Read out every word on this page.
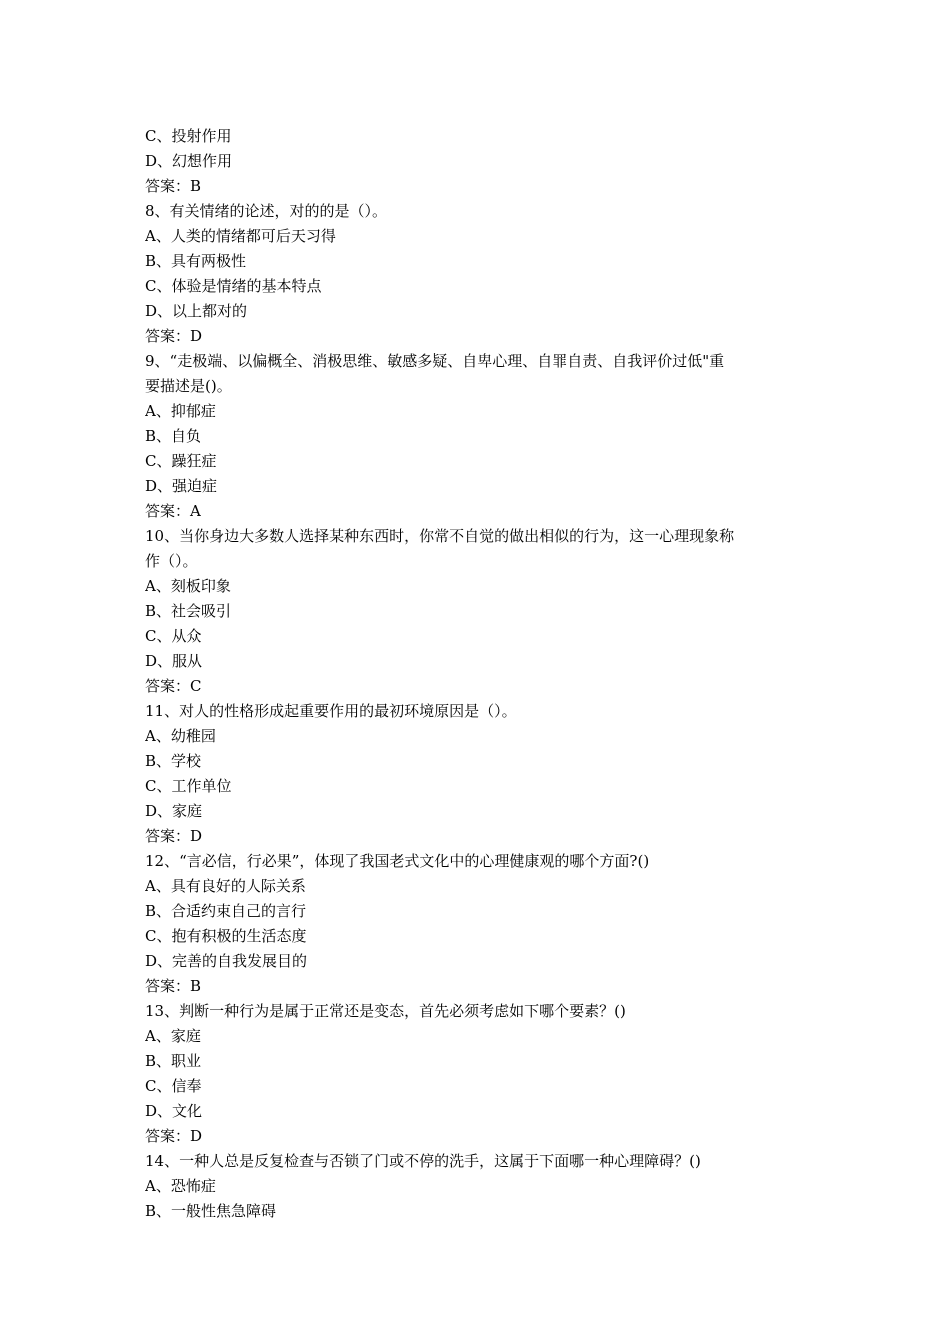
C、投射作用
D、幻想作用
答案：B
8、有关情绪的论述，对的的是（）。
A、人类的情绪都可后天习得
B、具有两极性
C、体验是情绪的基本特点
D、以上都对的
答案：D
9、“走极端、以偏概全、消极思维、敏感多疑、自卑心理、自罪自责、自我评价过低"重
要描述是()。
A、抑郁症
B、自负
C、躁狂症
D、强迫症
答案：A
10、当你身边大多数人选择某种东西时，你常不自觉的做出相似的行为，这一心理现象称
作（）。
A、刻板印象
B、社会吸引
C、从众
D、服从
答案：C
11、对人的性格形成起重要作用的最初环境原因是（）。
A、幼稚园
B、学校
C、工作单位
D、家庭
答案：D
12、“言必信，行必果”，体现了我国老式文化中的心理健康观的哪个方面?()
A、具有良好的人际关系
B、合适约束自己的言行
C、抱有积极的生活态度
D、完善的自我发展目的
答案：B
13、判断一种行为是属于正常还是变态，首先必须考虑如下哪个要素？()
A、家庭
B、职业
C、信奉
D、文化
答案：D
14、一种人总是反复检查与否锁了门或不停的洗手，这属于下面哪一种心理障碍？()
A、恐怖症
B、一般性焦急障碍
